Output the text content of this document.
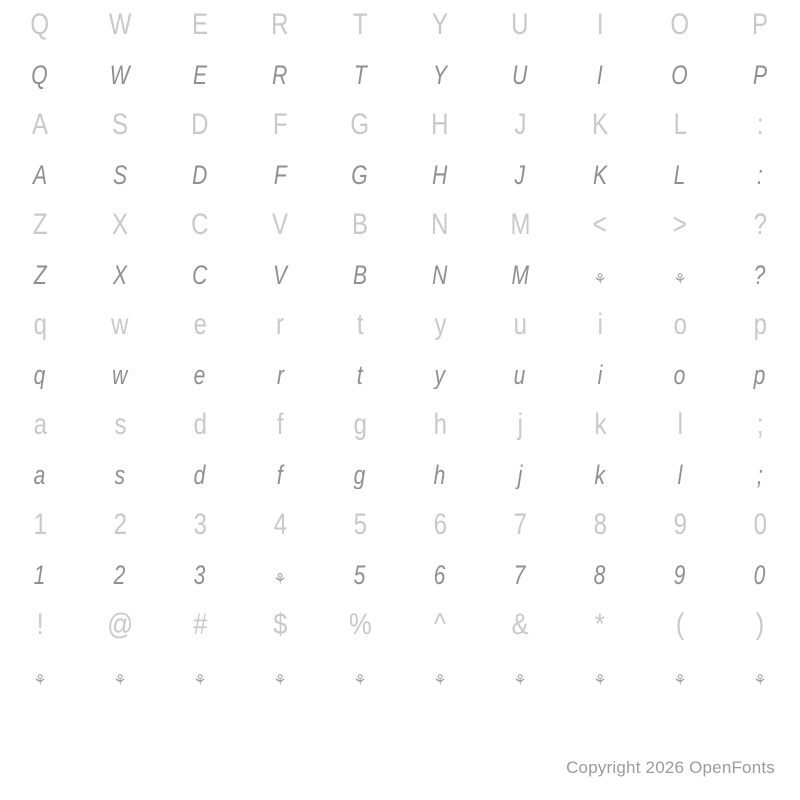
Q	W	E	R	T	Y	U	I	O	P
Q	W	E	R	T	Y	U	I	O	P
A	S	D	F	G	H	J	K	L	:
A	S	D	F	G	H	J	K	L	:
Z	X	C	V	B	N	M	<	>	?
Z	X	C	V	B	N	M	⚘	⚘	?
q	w	e	r	t	y	u	i	o	p
q	w	e	r	t	y	u	i	o	p
a	s	d	f	g	h	j	k	l	;
a	s	d	f	g	h	j	k	l	;
1	2	3	4	5	6	7	8	9	0
1	2	3	⚘	5	6	7	8	9	0
!	@	#	$	%	^	&	*	(	)
⚘	⚘	⚘	⚘	⚘	⚘	⚘	⚘	⚘	⚘
Copyright 2026 OpenFonts
